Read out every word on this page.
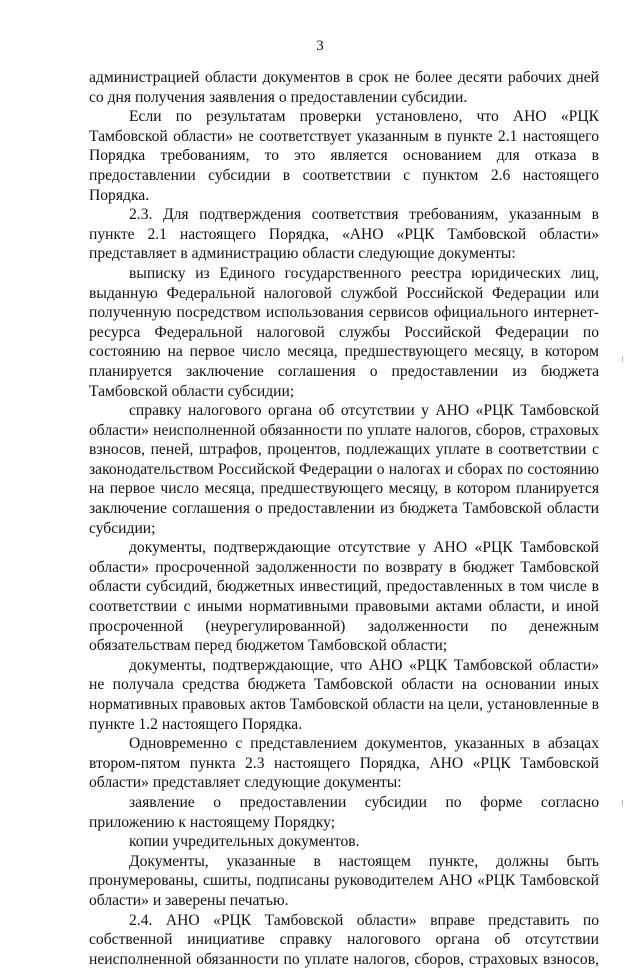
3

администрацией области документов в срок не более десяти рабочих дней со дня получения заявления о предоставлении субсидии.

Если по результатам проверки установлено, что АНО «РЦК Тамбовской области» не соответствует указанным в пункте 2.1 настоящего Порядка требованиям, то это является основанием для отказа в предоставлении субсидии в соответствии с пунктом 2.6 настоящего Порядка.

2.3. Для подтверждения соответствия требованиям, указанным в пункте 2.1 настоящего Порядка, «АНО «РЦК Тамбовской области» представляет в администрацию области следующие документы:

выписку из Единого государственного реестра юридических лиц, выданную Федеральной налоговой службой Российской Федерации или полученную посредством использования сервисов официального интернет-ресурса Федеральной налоговой службы Российской Федерации по состоянию на первое число месяца, предшествующего месяцу, в котором планируется заключение соглашения о предоставлении из бюджета Тамбовской области субсидии;

справку налогового органа об отсутствии у АНО «РЦК Тамбовской области» неисполненной обязанности по уплате налогов, сборов, страховых взносов, пеней, штрафов, процентов, подлежащих уплате в соответствии с законодательством Российской Федерации о налогах и сборах по состоянию на первое число месяца, предшествующего месяцу, в котором планируется заключение соглашения о предоставлении из бюджета Тамбовской области субсидии;

документы, подтверждающие отсутствие у АНО «РЦК Тамбовской области» просроченной задолженности по возврату в бюджет Тамбовской области субсидий, бюджетных инвестиций, предоставленных в том числе в соответствии с иными нормативными правовыми актами области, и иной просроченной (неурегулированной) задолженности по денежным обязательствам перед бюджетом Тамбовской области;

документы, подтверждающие, что АНО «РЦК Тамбовской области» не получала средства бюджета Тамбовской области на основании иных нормативных правовых актов Тамбовской области на цели, установленные в пункте 1.2 настоящего Порядка.

Одновременно с представлением документов, указанных в абзацах втором-пятом пункта 2.3 настоящего Порядка, АНО «РЦК Тамбовской области» представляет следующие документы:

заявление о предоставлении субсидии по форме согласно приложению к настоящему Порядку;

копии учредительных документов.

Документы, указанные в настоящем пункте, должны быть пронумерованы, сшиты, подписаны руководителем АНО «РЦК Тамбовской области» и заверены печатью.

2.4. АНО «РЦК Тамбовской области» вправе представить по собственной инициативе справку налогового органа об отсутствии неисполненной обязанности по уплате налогов, сборов, страховых взносов,
